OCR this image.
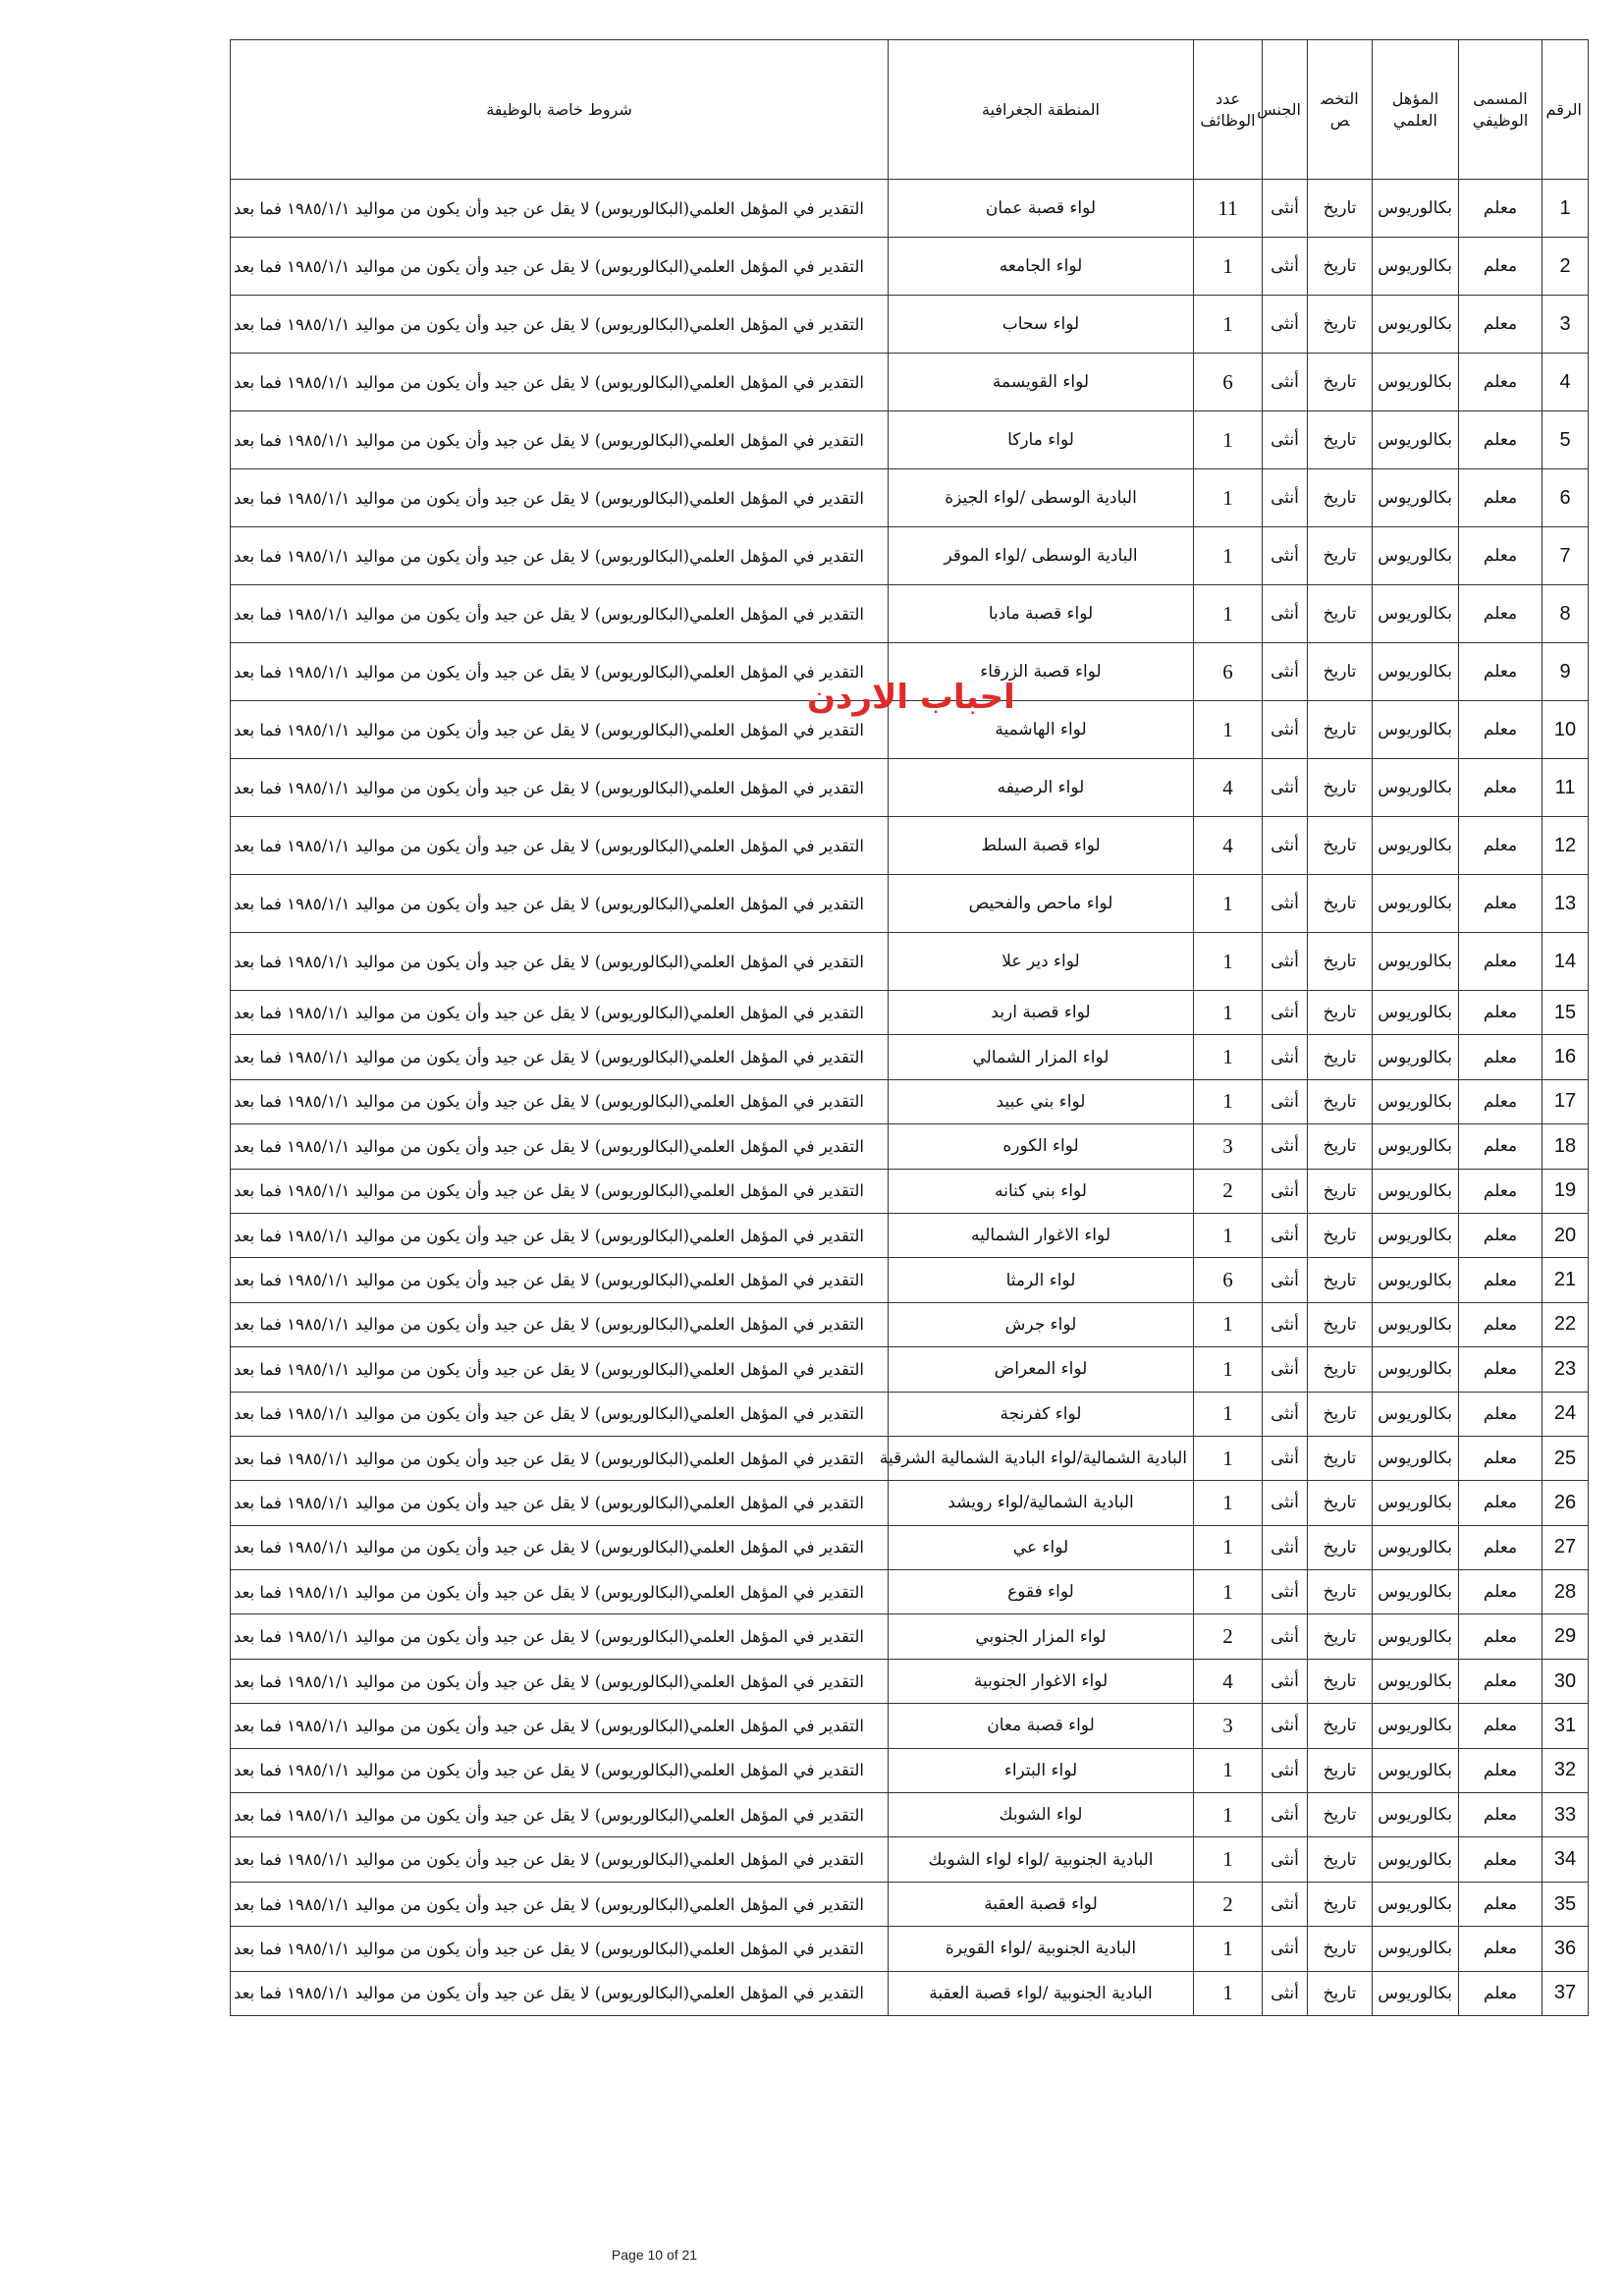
الرقم	المسمى الوظيفي	المؤهل العلمي	التخصص	الجنس	عدد الوظائف	المنطقة الجغرافية	شروط خاصة بالوظيفة
1	معلم	بكالوريوس	تاريخ	أنثى	11	لواء قصبة عمان	التقدير في المؤهل العلمي(البكالوريوس) لا يقل عن جيد وأن يكون من مواليد ١٩٨٥/١/١ فما بعد
2	معلم	بكالوريوس	تاريخ	أنثى	1	لواء الجامعه	التقدير في المؤهل العلمي(البكالوريوس) لا يقل عن جيد وأن يكون من مواليد ١٩٨٥/١/١ فما بعد
3	معلم	بكالوريوس	تاريخ	أنثى	1	لواء سحاب	التقدير في المؤهل العلمي(البكالوريوس) لا يقل عن جيد وأن يكون من مواليد ١٩٨٥/١/١ فما بعد
4	معلم	بكالوريوس	تاريخ	أنثى	6	لواء القويسمة	التقدير في المؤهل العلمي(البكالوريوس) لا يقل عن جيد وأن يكون من مواليد ١٩٨٥/١/١ فما بعد
5	معلم	بكالوريوس	تاريخ	أنثى	1	لواء ماركا	التقدير في المؤهل العلمي(البكالوريوس) لا يقل عن جيد وأن يكون من مواليد ١٩٨٥/١/١ فما بعد
6	معلم	بكالوريوس	تاريخ	أنثى	1	البادية الوسطى /لواء الجيزة	التقدير في المؤهل العلمي(البكالوريوس) لا يقل عن جيد وأن يكون من مواليد ١٩٨٥/١/١ فما بعد
7	معلم	بكالوريوس	تاريخ	أنثى	1	البادية الوسطى /لواء الموقر	التقدير في المؤهل العلمي(البكالوريوس) لا يقل عن جيد وأن يكون من مواليد ١٩٨٥/١/١ فما بعد
8	معلم	بكالوريوس	تاريخ	أنثى	1	لواء قصبة مادبا	التقدير في المؤهل العلمي(البكالوريوس) لا يقل عن جيد وأن يكون من مواليد ١٩٨٥/١/١ فما بعد
9	معلم	بكالوريوس	تاريخ	أنثى	6	لواء قصبة الزرقاء	التقدير في المؤهل العلمي(البكالوريوس) لا يقل عن جيد وأن يكون من مواليد ١٩٨٥/١/١ فما بعد
10	معلم	بكالوريوس	تاريخ	أنثى	1	لواء الهاشمية	التقدير في المؤهل العلمي(البكالوريوس) لا يقل عن جيد وأن يكون من مواليد ١٩٨٥/١/١ فما بعد
11	معلم	بكالوريوس	تاريخ	أنثى	4	لواء الرصيفه	التقدير في المؤهل العلمي(البكالوريوس) لا يقل عن جيد وأن يكون من مواليد ١٩٨٥/١/١ فما بعد
12	معلم	بكالوريوس	تاريخ	أنثى	4	لواء قصبة السلط	التقدير في المؤهل العلمي(البكالوريوس) لا يقل عن جيد وأن يكون من مواليد ١٩٨٥/١/١ فما بعد
13	معلم	بكالوريوس	تاريخ	أنثى	1	لواء ماحص والفحيص	التقدير في المؤهل العلمي(البكالوريوس) لا يقل عن جيد وأن يكون من مواليد ١٩٨٥/١/١ فما بعد
14	معلم	بكالوريوس	تاريخ	أنثى	1	لواء دير علا	التقدير في المؤهل العلمي(البكالوريوس) لا يقل عن جيد وأن يكون من مواليد ١٩٨٥/١/١ فما بعد
15	معلم	بكالوريوس	تاريخ	أنثى	1	لواء قصبة اربد	التقدير في المؤهل العلمي(البكالوريوس) لا يقل عن جيد وأن يكون من مواليد ١٩٨٥/١/١ فما بعد
16	معلم	بكالوريوس	تاريخ	أنثى	1	لواء المزار الشمالي	التقدير في المؤهل العلمي(البكالوريوس) لا يقل عن جيد وأن يكون من مواليد ١٩٨٥/١/١ فما بعد
17	معلم	بكالوريوس	تاريخ	أنثى	1	لواء بني عبيد	التقدير في المؤهل العلمي(البكالوريوس) لا يقل عن جيد وأن يكون من مواليد ١٩٨٥/١/١ فما بعد
18	معلم	بكالوريوس	تاريخ	أنثى	3	لواء الكوره	التقدير في المؤهل العلمي(البكالوريوس) لا يقل عن جيد وأن يكون من مواليد ١٩٨٥/١/١ فما بعد
19	معلم	بكالوريوس	تاريخ	أنثى	2	لواء بني كنانه	التقدير في المؤهل العلمي(البكالوريوس) لا يقل عن جيد وأن يكون من مواليد ١٩٨٥/١/١ فما بعد
20	معلم	بكالوريوس	تاريخ	أنثى	1	لواء الاغوار الشماليه	التقدير في المؤهل العلمي(البكالوريوس) لا يقل عن جيد وأن يكون من مواليد ١٩٨٥/١/١ فما بعد
21	معلم	بكالوريوس	تاريخ	أنثى	6	لواء الرمثا	التقدير في المؤهل العلمي(البكالوريوس) لا يقل عن جيد وأن يكون من مواليد ١٩٨٥/١/١ فما بعد
22	معلم	بكالوريوس	تاريخ	أنثى	1	لواء جرش	التقدير في المؤهل العلمي(البكالوريوس) لا يقل عن جيد وأن يكون من مواليد ١٩٨٥/١/١ فما بعد
23	معلم	بكالوريوس	تاريخ	أنثى	1	لواء المعراض	التقدير في المؤهل العلمي(البكالوريوس) لا يقل عن جيد وأن يكون من مواليد ١٩٨٥/١/١ فما بعد
24	معلم	بكالوريوس	تاريخ	أنثى	1	لواء كفرنجة	التقدير في المؤهل العلمي(البكالوريوس) لا يقل عن جيد وأن يكون من مواليد ١٩٨٥/١/١ فما بعد
25	معلم	بكالوريوس	تاريخ	أنثى	1	البادية الشمالية/لواء البادية الشمالية الشرقية	التقدير في المؤهل العلمي(البكالوريوس) لا يقل عن جيد وأن يكون من مواليد ١٩٨٥/١/١ فما بعد
26	معلم	بكالوريوس	تاريخ	أنثى	1	البادية الشمالية/لواء رويشد	التقدير في المؤهل العلمي(البكالوريوس) لا يقل عن جيد وأن يكون من مواليد ١٩٨٥/١/١ فما بعد
27	معلم	بكالوريوس	تاريخ	أنثى	1	لواء عي	التقدير في المؤهل العلمي(البكالوريوس) لا يقل عن جيد وأن يكون من مواليد ١٩٨٥/١/١ فما بعد
28	معلم	بكالوريوس	تاريخ	أنثى	1	لواء فقوع	التقدير في المؤهل العلمي(البكالوريوس) لا يقل عن جيد وأن يكون من مواليد ١٩٨٥/١/١ فما بعد
29	معلم	بكالوريوس	تاريخ	أنثى	2	لواء المزار الجنوبي	التقدير في المؤهل العلمي(البكالوريوس) لا يقل عن جيد وأن يكون من مواليد ١٩٨٥/١/١ فما بعد
30	معلم	بكالوريوس	تاريخ	أنثى	4	لواء الاغوار الجنوبية	التقدير في المؤهل العلمي(البكالوريوس) لا يقل عن جيد وأن يكون من مواليد ١٩٨٥/١/١ فما بعد
31	معلم	بكالوريوس	تاريخ	أنثى	3	لواء قصبة معان	التقدير في المؤهل العلمي(البكالوريوس) لا يقل عن جيد وأن يكون من مواليد ١٩٨٥/١/١ فما بعد
32	معلم	بكالوريوس	تاريخ	أنثى	1	لواء البتراء	التقدير في المؤهل العلمي(البكالوريوس) لا يقل عن جيد وأن يكون من مواليد ١٩٨٥/١/١ فما بعد
33	معلم	بكالوريوس	تاريخ	أنثى	1	لواء الشوبك	التقدير في المؤهل العلمي(البكالوريوس) لا يقل عن جيد وأن يكون من مواليد ١٩٨٥/١/١ فما بعد
34	معلم	بكالوريوس	تاريخ	أنثى	1	البادية الجنوبية /لواء لواء الشوبك	التقدير في المؤهل العلمي(البكالوريوس) لا يقل عن جيد وأن يكون من مواليد ١٩٨٥/١/١ فما بعد
35	معلم	بكالوريوس	تاريخ	أنثى	2	لواء قصبة العقبة	التقدير في المؤهل العلمي(البكالوريوس) لا يقل عن جيد وأن يكون من مواليد ١٩٨٥/١/١ فما بعد
36	معلم	بكالوريوس	تاريخ	أنثى	1	البادية الجنوبية /لواء القويرة	التقدير في المؤهل العلمي(البكالوريوس) لا يقل عن جيد وأن يكون من مواليد ١٩٨٥/١/١ فما بعد
37	معلم	بكالوريوس	تاريخ	أنثى	1	البادية الجنوبية /لواء قصبة العقبة	التقدير في المؤهل العلمي(البكالوريوس) لا يقل عن جيد وأن يكون من مواليد ١٩٨٥/١/١ فما بعد
احباب الاردن
Page 10 of 21
